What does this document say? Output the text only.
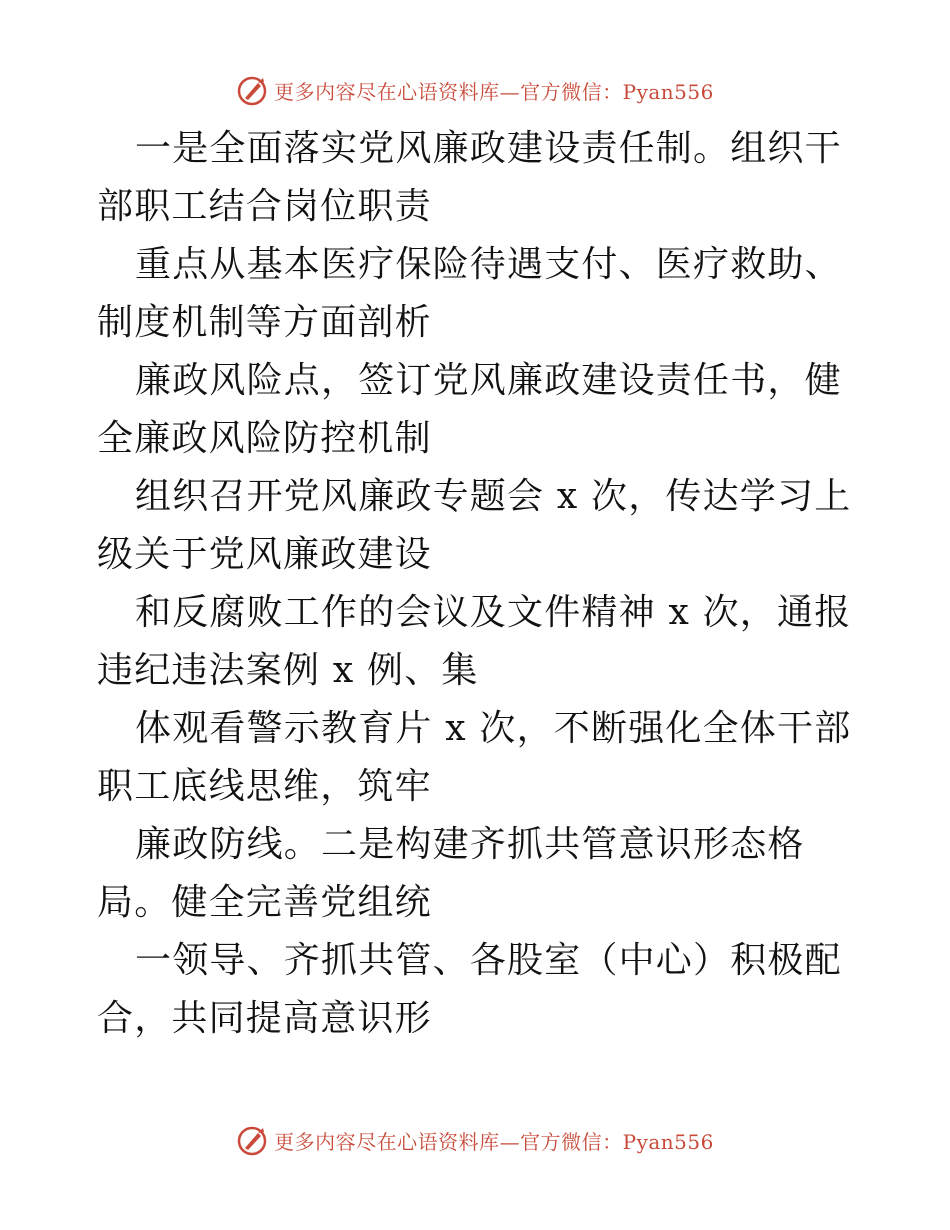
更多内容尽在心语资料库—官方微信：Pyan556

一是全面落实党风廉政建设责任制。组织干部职工结合岗位职责

重点从基本医疗保险待遇支付、医疗救助、制度机制等方面剖析

廉政风险点，签订党风廉政建设责任书，健全廉政风险防控机制

组织召开党风廉政专题会 x 次，传达学习上级关于党风廉政建设

和反腐败工作的会议及文件精神 x 次，通报违纪违法案例 x 例、集

体观看警示教育片 x 次，不断强化全体干部职工底线思维，筑牢

廉政防线。二是构建齐抓共管意识形态格局。健全完善党组统

一领导、齐抓共管、各股室（中心）积极配合，共同提高意识形

更多内容尽在心语资料库—官方微信：Pyan556
